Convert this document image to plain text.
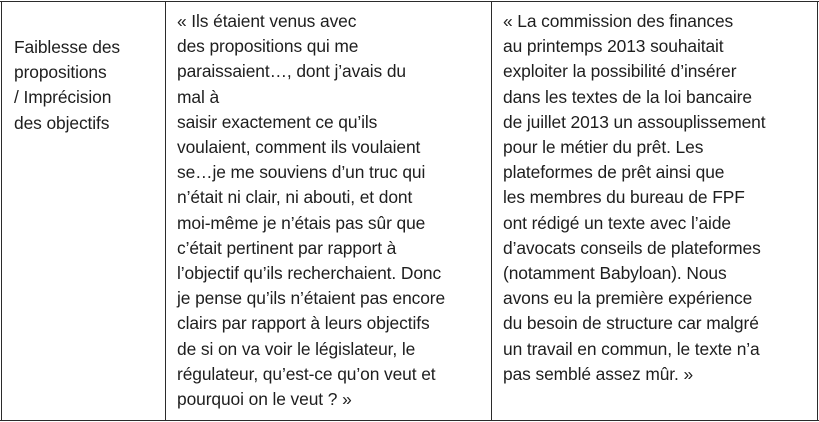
Faiblesse des
propositions
/ Imprécision
des objectifs
« Ils étaient venus avec
des propositions qui me
paraissaient…, dont j’avais du
mal à
saisir exactement ce qu’ils
voulaient, comment ils voulaient
se…je me souviens d’un truc qui
n’était ni clair, ni abouti, et dont
moi-même je n’étais pas sûr que
c’était pertinent par rapport à
l’objectif qu’ils recherchaient. Donc
je pense qu’ils n’étaient pas encore
clairs par rapport à leurs objectifs
de si on va voir le législateur, le
régulateur, qu’est-ce qu’on veut et
pourquoi on le veut ? »
« La commission des finances
au printemps 2013 souhaitait
exploiter la possibilité d’insérer
dans les textes de la loi bancaire
de juillet 2013 un assouplissement
pour le métier du prêt. Les
plateformes de prêt ainsi que
les membres du bureau de FPF
ont rédigé un texte avec l’aide
d’avocats conseils de plateformes
(notamment Babyloan). Nous
avons eu la première expérience
du besoin de structure car malgré
un travail en commun, le texte n’a
pas semblé assez mûr. »
